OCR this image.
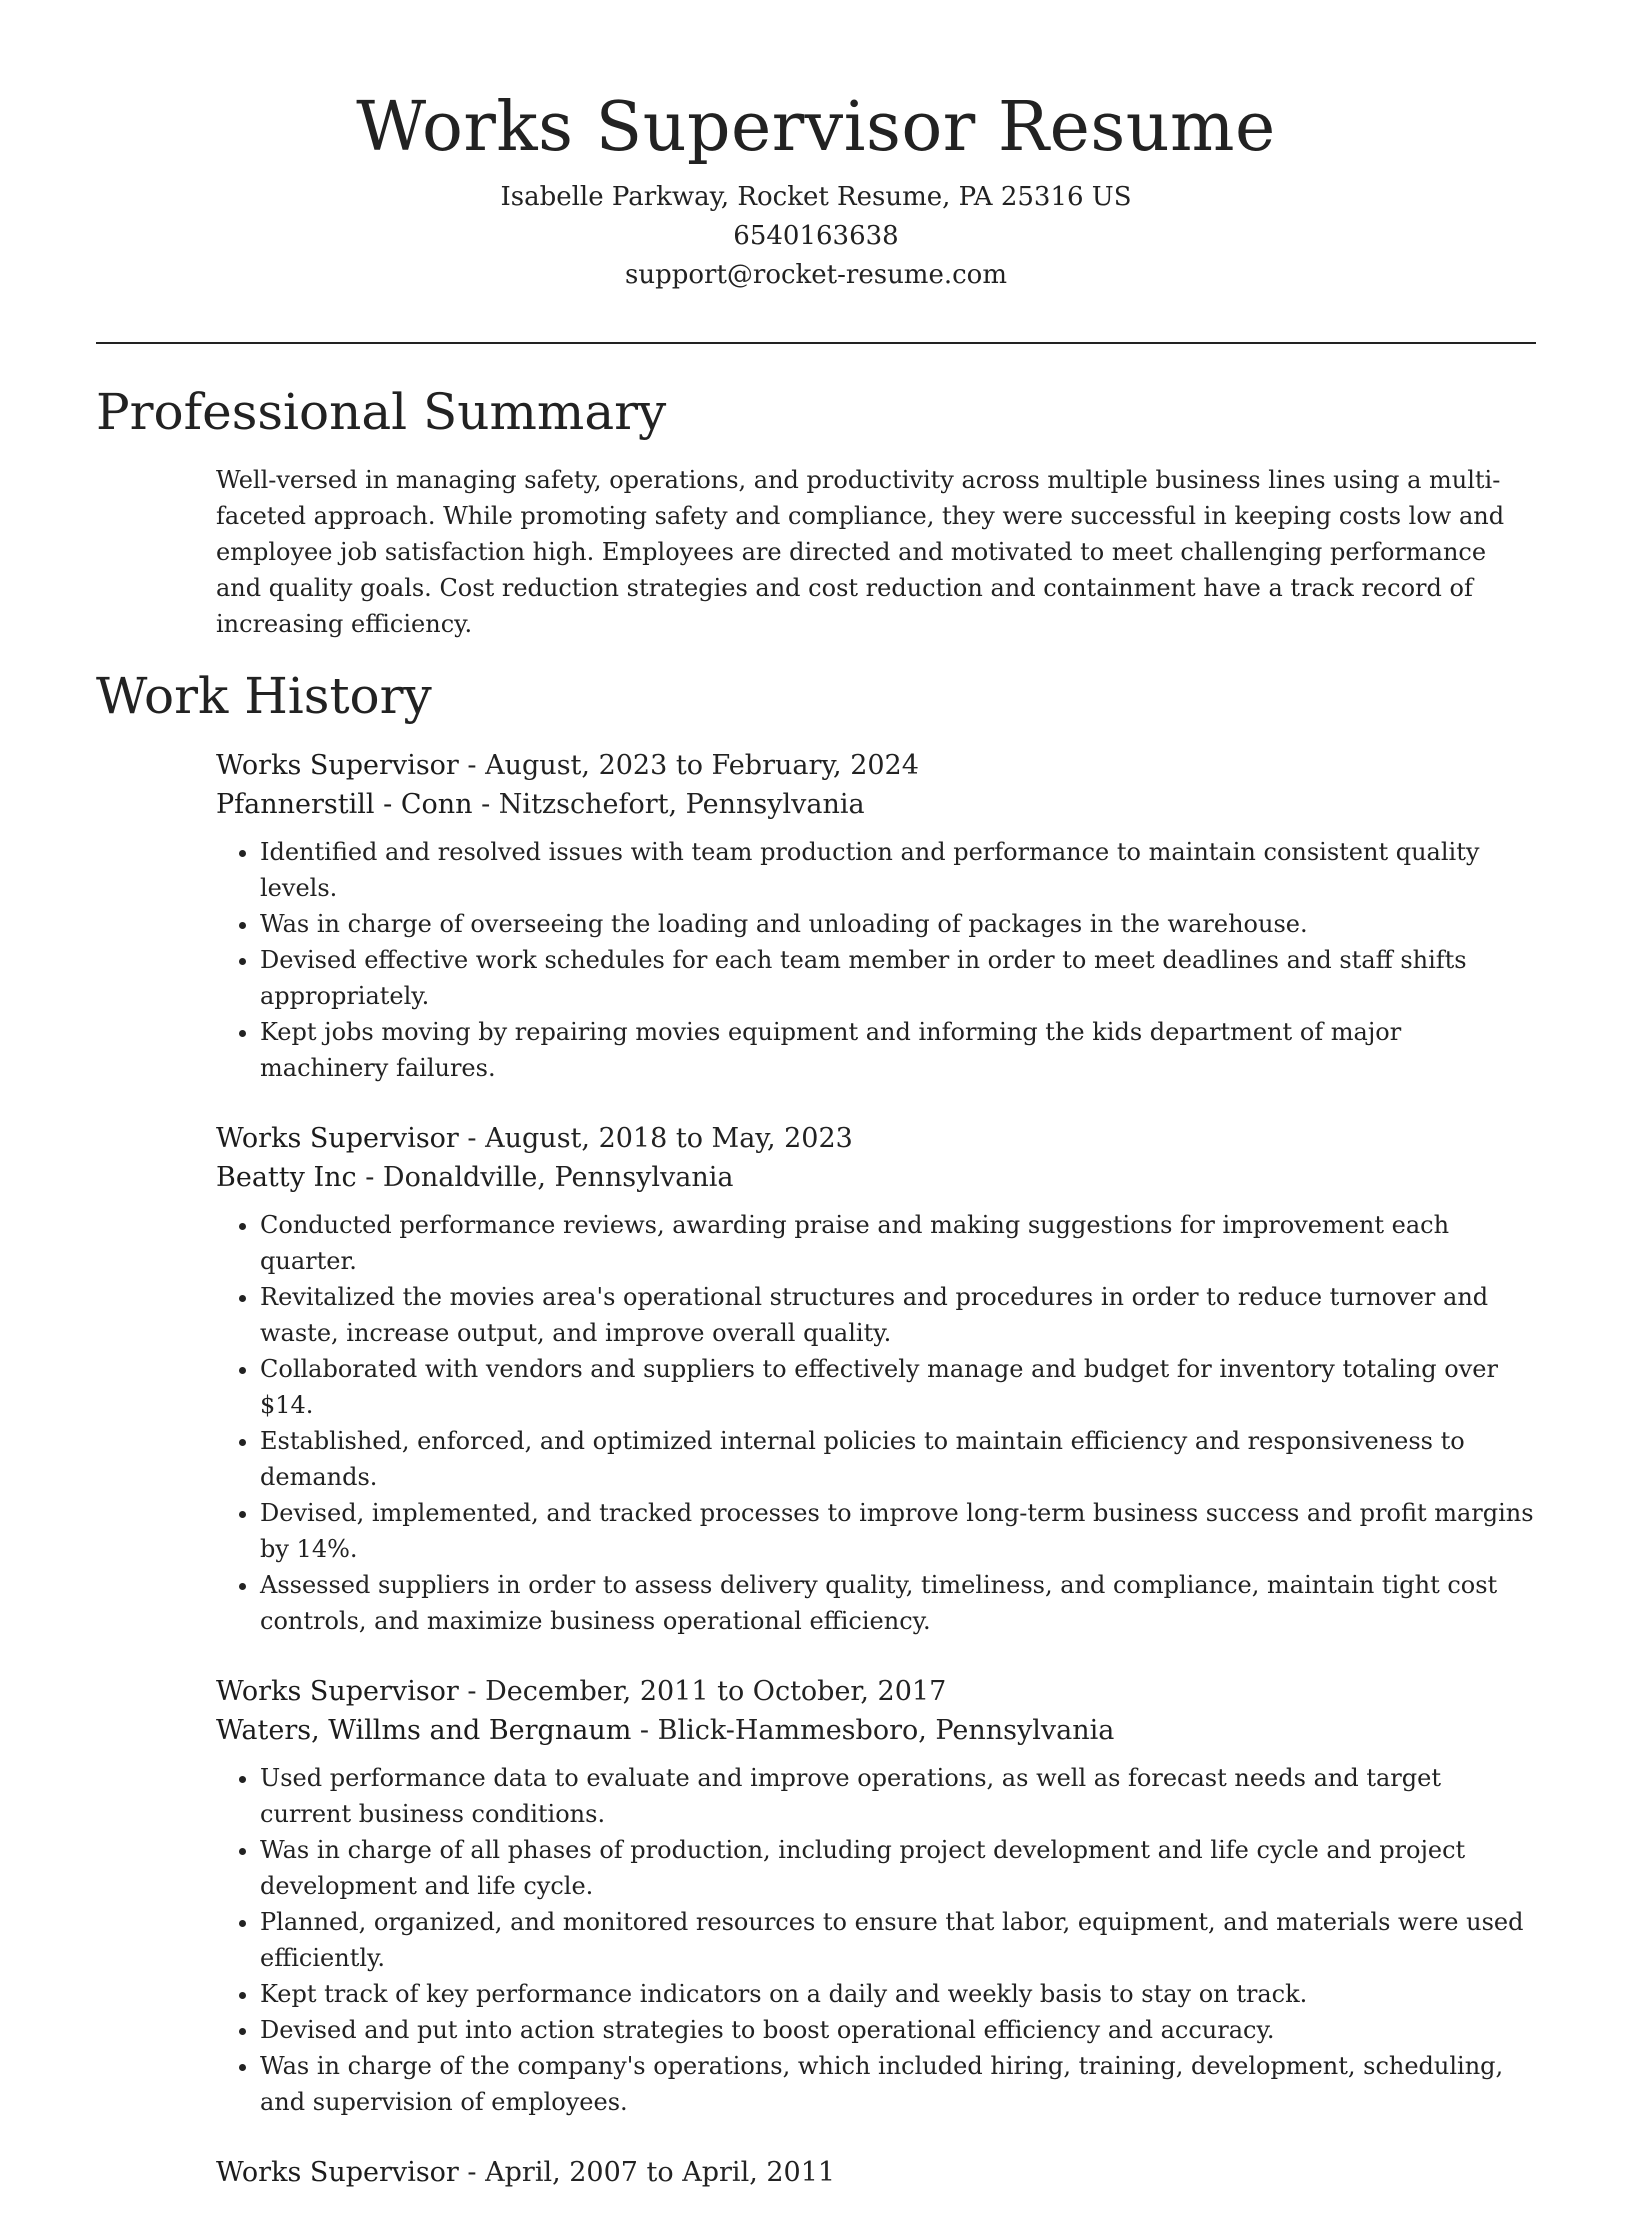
Works Supervisor Resume

Isabelle Parkway, Rocket Resume, PA 25316 US

6540163638

support@rocket-resume.com

Professional Summary

Well-versed in managing safety, operations, and productivity across multiple business lines using a multi-faceted approach. While promoting safety and compliance, they were successful in keeping costs low and employee job satisfaction high. Employees are directed and motivated to meet challenging performance and quality goals. Cost reduction strategies and cost reduction and containment have a track record of increasing efficiency.

Work History

Works Supervisor - August, 2023 to February, 2024

Pfannerstill - Conn - Nitzschefort, Pennsylvania

• Identified and resolved issues with team production and performance to maintain consistent quality levels.
• Was in charge of overseeing the loading and unloading of packages in the warehouse.
• Devised effective work schedules for each team member in order to meet deadlines and staff shifts appropriately.
• Kept jobs moving by repairing movies equipment and informing the kids department of major machinery failures.

Works Supervisor - August, 2018 to May, 2023

Beatty Inc - Donaldville, Pennsylvania

• Conducted performance reviews, awarding praise and making suggestions for improvement each quarter.
• Revitalized the movies area's operational structures and procedures in order to reduce turnover and waste, increase output, and improve overall quality.
• Collaborated with vendors and suppliers to effectively manage and budget for inventory totaling over $14.
• Established, enforced, and optimized internal policies to maintain efficiency and responsiveness to demands.
• Devised, implemented, and tracked processes to improve long-term business success and profit margins by 14%.
• Assessed suppliers in order to assess delivery quality, timeliness, and compliance, maintain tight cost controls, and maximize business operational efficiency.

Works Supervisor - December, 2011 to October, 2017

Waters, Willms and Bergnaum - Blick-Hammesboro, Pennsylvania

• Used performance data to evaluate and improve operations, as well as forecast needs and target current business conditions.
• Was in charge of all phases of production, including project development and life cycle and project development and life cycle.
• Planned, organized, and monitored resources to ensure that labor, equipment, and materials were used efficiently.
• Kept track of key performance indicators on a daily and weekly basis to stay on track.
• Devised and put into action strategies to boost operational efficiency and accuracy.
• Was in charge of the company's operations, which included hiring, training, development, scheduling, and supervision of employees.

Works Supervisor - April, 2007 to April, 2011
